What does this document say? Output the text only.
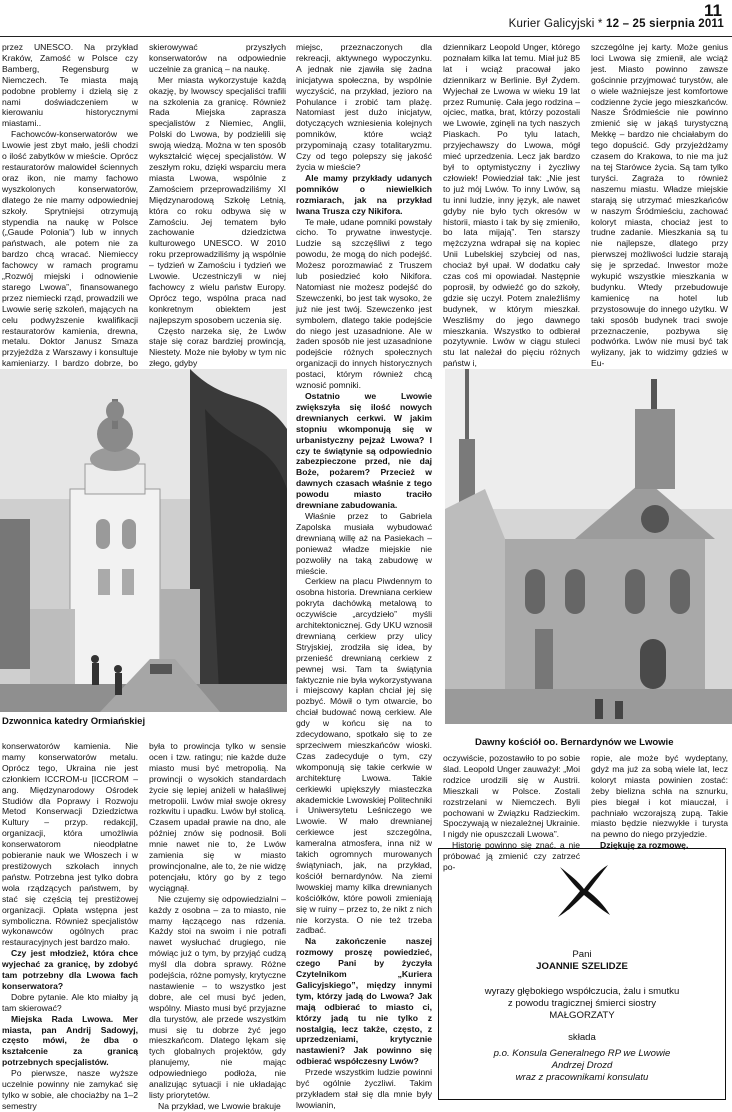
11
Kurier Galicyjski * 12 – 25 sierpnia 2011

przez UNESCO. Na przykład Kraków, Zamość w Polsce czy Bamberg, Regensburg w Niemczech. Te miasta mają podobne problemy i dzielą się z nami doświadczeniem w kierowaniu historycznymi miastami..

Fachowców-konserwatorów we Lwowie jest zbyt mało, jeśli chodzi o ilość zabytków w mieście. Oprócz restauratorów malowideł ściennych oraz ikon, nie mamy fachowo wyszkolonych konserwatorów, dlatego że nie mamy odpowiedniej szkoły. Sprytniejsi otrzymują stypendia na naukę w Polsce („Gaude Polonia”) lub w innych państwach, ale potem nie za bardzo chcą wracać. Niemieccy fachowcy w ramach programu „Rozwój miejski i odnowienie starego Lwowa”, finansowanego przez niemiecki rząd, prowadzili we Lwowie serię szkoleń, mających na celu podwyższenie kwalifikacji restauratorów kamienia, drewna, metalu. Doktor Janusz Smaza przyjeżdża z Warszawy i konsultuje kamieniarzy. I bardzo dobrze, bo

skierowywać przyszłych konserwatorów na odpowiednie uczelnie za granicą – na naukę.

Mer miasta wykorzystuje każdą okazję, by lwowscy specjaliści trafili na szkolenia za granicę. Również Rada Miejska zaprasza specjalistów z Niemiec, Anglii, Polski do Lwowa, by podzielili się swoją wiedzą. Można w ten sposób wykształcić więcej specjalistów. W zeszłym roku, dzięki wsparciu mera miasta Lwowa, wspólnie z Zamościem przeprowadziliśmy XI Międzynarodową Szkołę Letnią, która co roku odbywa się w Zamościu. Jej tematem było zachowanie dziedzictwa kulturowego UNESCO. W 2010 roku przeprowadziliśmy ją wspólnie – tydzień w Zamościu i tydzień we Lwowie. Uczestniczyli w niej fachowcy z wielu państw Europy. Oprócz tego, wspólna praca nad konkretnym obiektem jest najlepszym sposobem uczenia się.

Często narzeka się, że Lwów staje się coraz bardziej prowincją, Niestety. Może nie byłoby w tym nic złego, gdyby

miejsc, przeznaczonych dla rekreacji, aktywnego wypoczynku. A jednak nie zjawiła się żadna inicjatywa społeczna, by wspólnie wyczyścić, na przykład, jezioro na Pohulance i zrobić tam plażę. Natomiast jest dużo inicjatyw, dotyczących wzniesienia kolejnych pomników, które wciąż przypominają czasy totalitaryzmu. Czy od tego polepszy się jakość życia w mieście?

Ale mamy przykłady udanych pomników o niewielkich rozmiarach, jak na przykład Iwana Trusza czy Nikifora.

Te małe, udane pomniki powstały cicho. To prywatne inwestycje. Ludzie są szczęśliwi z tego powodu, że mogą do nich podejść. Możesz porozmawiać z Truszem lub posiedzieć koło Nikifora. Natomiast nie możesz podejść do Szewczenki, bo jest tak wysoko, że już nie jest twój. Szewczenko jest symbolem, dlatego takie podejście do niego jest uzasadnione. Ale w żaden sposób nie jest uzasadnione podejście różnych społecznych organizacji do innych historycznych postaci, którym również chcą wznosić pomniki.

Ostatnio we Lwowie zwiększyła się ilość nowych drewnianych cerkwi. W jakim stopniu wkomponują się w urbanistyczny pejzaż Lwowa? I czy te świątynie są odpowiednio zabezpieczone przed, nie daj Boże, pożarem? Przecież w dawnych czasach właśnie z tego powodu miasto traciło drewniane zabudowania.

Właśnie przez to Gabriela Zapolska musiała wybudować drewnianą willę aż na Pasiekach – ponieważ władze miejskie nie pozwoliły na taką zabudowę w mieście.

Cerkiew na placu Piwdennym to osobna historia. Drewniana cerkiew pokryta dachówką metalową to oczywiście „arcydzieło” myśli architektonicznej. Gdy UKU wznosił drewnianą cerkiew przy ulicy Stryjskiej, zrodziła się idea, by przenieść drewnianą cerkiew z pewnej wsi. Tam ta świątynia faktycznie nie była wykorzystywana i miejscowy kapłan chciał jej się pozbyć. Mówił o tym otwarcie, bo chciał budować nową cerkiew. Ale gdy w końcu się na to zdecydowano, spotkało się to ze sprzeciwem mieszkańców wioski. Czas zadecyduje o tym, czy wkomponują się takie cerkwie w architekturę Lwowa. Takie cerkiewki upiększyły miasteczka akademickie Lwowskiej Politechniki i Uniwersytetu Leśniczego we Lwowie. W mało drewnianej cerkiewce jest szczególna, kameralna atmosfera, inna niż w takich ogromnych murowanych świątyniach, jak, na przykład, kościół bernardynów. Na ziemi lwowskiej mamy kilka drewnianych kościółków, które powoli zmieniają się w ruiny – przez to, że nikt z nich nie korzysta. O nie też trzeba zadbać.

Na zakończenie naszej rozmowy proszę powiedzieć, czego Pani by życzyła Czytelnikom „Kuriera Galicyjskiego”, między innymi tym, którzy jadą do Lwowa? Jak mają odbierać to miasto ci, którzy jadą tu nie tylko z nostalgią, lecz także, często, z uprzedzeniami, krytycznie nastawieni? Jak powinno się odbierać współczesny Lwów?

Przede wszystkim ludzie powinni być ogólnie życzliwi. Takim przykładem stał się dla mnie były lwowianin,

dziennikarz Leopold Unger, którego poznałam kilka lat temu. Miał już 85 lat i wciąż pracował jako dziennikarz w Berlinie. Był Żydem. Wyjechał ze Lwowa w wieku 19 lat przez Rumunię. Cała jego rodzina – ojciec, matka, brat, którzy pozostali we Lwowie, zginęli na tych naszych Piaskach. Po tylu latach, przyjechawszy do Lwowa, mógł mieć uprzedzenia. Lecz jak bardzo był to optymistyczny i życzliwy człowiek! Powiedział tak: „Nie jest to już mój Lwów. To inny Lwów, są tu inni ludzie, inny język, ale nawet gdyby nie było tych okresów w historii, miasto i tak by się zmieniło, bo lata mijają”. Ten starszy mężczyzna wdrapał się na kopiec Unii Lubelskiej szybciej od nas, chociaż był upał. W dodatku cały czas coś mi opowiadał. Następnie poprosił, by odwieźć go do szkoły, gdzie się uczył. Potem znaleźliśmy budynek, w którym mieszkał. Weszliśmy do jego dawnego mieszkania. Wszystko to odbierał pozytywnie. Lwów w ciągu stuleci stu lat należał do pięciu różnych państw i,

szczególne jej karty. Może genius loci Lwowa się zmienił, ale wciąż jest. Miasto powinno zawsze gościnnie przyjmować turystów, ale o wiele ważniejsze jest komfortowe codzienne życie jego mieszkańców. Nasze Śródmieście nie powinno zmienić się w jakąś turystyczną Mekkę – bardzo nie chciałabym do tego dopuścić. Gdy przyjeżdżamy czasem do Krakowa, to nie ma już na tej Starówce życia. Są tam tylko turyści. Zagraża to również naszemu miastu. Władze miejskie starają się utrzymać mieszkańców w naszym Śródmieściu, zachować koloryt miasta, chociaż jest to trudne zadanie. Mieszkania są tu nie najlepsze, dlatego przy pierwszej możliwości ludzie starają się je sprzedać. Inwestor może wykupić wszystkie mieszkania w budynku. Wtedy przebudowuje kamienicę na hotel lub przystosowuje do innego użytku. W taki sposób budynek traci swoje przeznaczenie, pozbywa się podwórka. Lwów nie musi być tak wyłizany, jak to widzimy gdzieś w Eu-

konserwatorów kamienia. Nie mamy konserwatorów metalu. Oprócz tego, Ukraina nie jest członkiem ICCROM-u [ICCROM – ang. Międzynarodowy Ośrodek Studiów dla Poprawy i Rozwoju Metod Konserwacji Dziedzictwa Kultury – przyp. redakcji], organizacji, która umożliwia konserwatorom nieodpłatne pobieranie nauk we Włoszech i w prestiżowych szkołach innych państw. Potrzebna jest tylko dobra wola rządzących państwem, by stać się częścią tej prestiżowej organizacji. Opłata wstępna jest symboliczna. Również specjalistów wykonawców ogólnych prac restauracyjnych jest bardzo mało.

Czy jest młodzież, która chce wyjechać za granicę, by zdobyć tam potrzebny dla Lwowa fach konserwatora?

Dobre pytanie. Ale kto miałby ją tam skierować?

Miejska Rada Lwowa. Mer miasta, pan Andrij Sadowyj, często mówi, że dba o kształcenie za granicą potrzebnych specjalistów.

Po pierwsze, nasze wyższe uczelnie powinny nie zamykać się tylko w sobie, ale chociażby na 1–2 semestry

była to prowincja tylko w sensie ocen i tzw. ratingu; nie każde duże miasto musi być metropolią. Na prowincji o wysokich standardach życie się lepiej aniżeli w hałaśliwej metropolii. Lwów miał swoje okresy rozkwitu i upadku. Lwów był stolicą. Czasem upadał prawie na dno, ale później znów się podnosił. Boli mnie nawet nie to, że Lwów zamienia się w miasto prowincjonalne, ale to, że nie widzę potencjału, który go by z tego wyciągnął.

Nie czujemy się odpowiedzialni – każdy z osobna – za to miasto, nie mamy łączącego nas rdzenia. Każdy stoi na swoim i nie potrafi nawet wysłuchać drugiego, nie mówiąc już o tym, by przyjąć cudzą myśl dla dobra sprawy. Różne podejścia, różne pomysły, krytyczne nastawienie – to wszystko jest dobre, ale cel musi być jeden, wspólny. Miasto musi być przyjazne dla turystów, ale przede wszystkim musi się tu dobrze żyć jego mieszkańcom. Dlatego lękam się tych globalnych projektów, gdy planujemy, nie mając odpowiedniego podłoża, nie analizując sytuacji i nie układając listy priorytetów.

Na przykład, we Lwowie brakuje

oczywiście, pozostawiło to po sobie ślad. Leopold Unger zauważył: „Moi rodzice urodzili się w Austrii. Mieszkali w Polsce. Zostali rozstrzelani w Niemczech. Byli pochowani w Związku Radzieckim. Spoczywają w niezależnej Ukrainie. I nigdy nie opuszczali Lwowa”.

Historię powinno się znać, a nie próbować ją zmienić czy zatrzeć po-

ropie, ale może być wydeptany, gdyż ma już za sobą wiele lat, lecz koloryt miasta powinien zostać: żeby bielizna schła na sznurku, pies biegał i kot miauczał, i pachniało wczorajszą zupą. Takie miasto będzie niezwykłe i turysta na pewno do niego przyjedzie.

Dziękuję za rozmowę.

Dzwonnica katedry Ormiańskiej
Dawny kościół oo. Bernardynów we Lwowie
Pani
JOANNIE SZELIDZE
wyrazy głębokiego współczucia, żalu i smutku
z powodu tragicznej śmierci siostry
MAŁGORZATY
składa
p.o. Konsula Generalnego RP we Lwowie
Andrzej Drozd
wraz z pracownikami konsulatu
